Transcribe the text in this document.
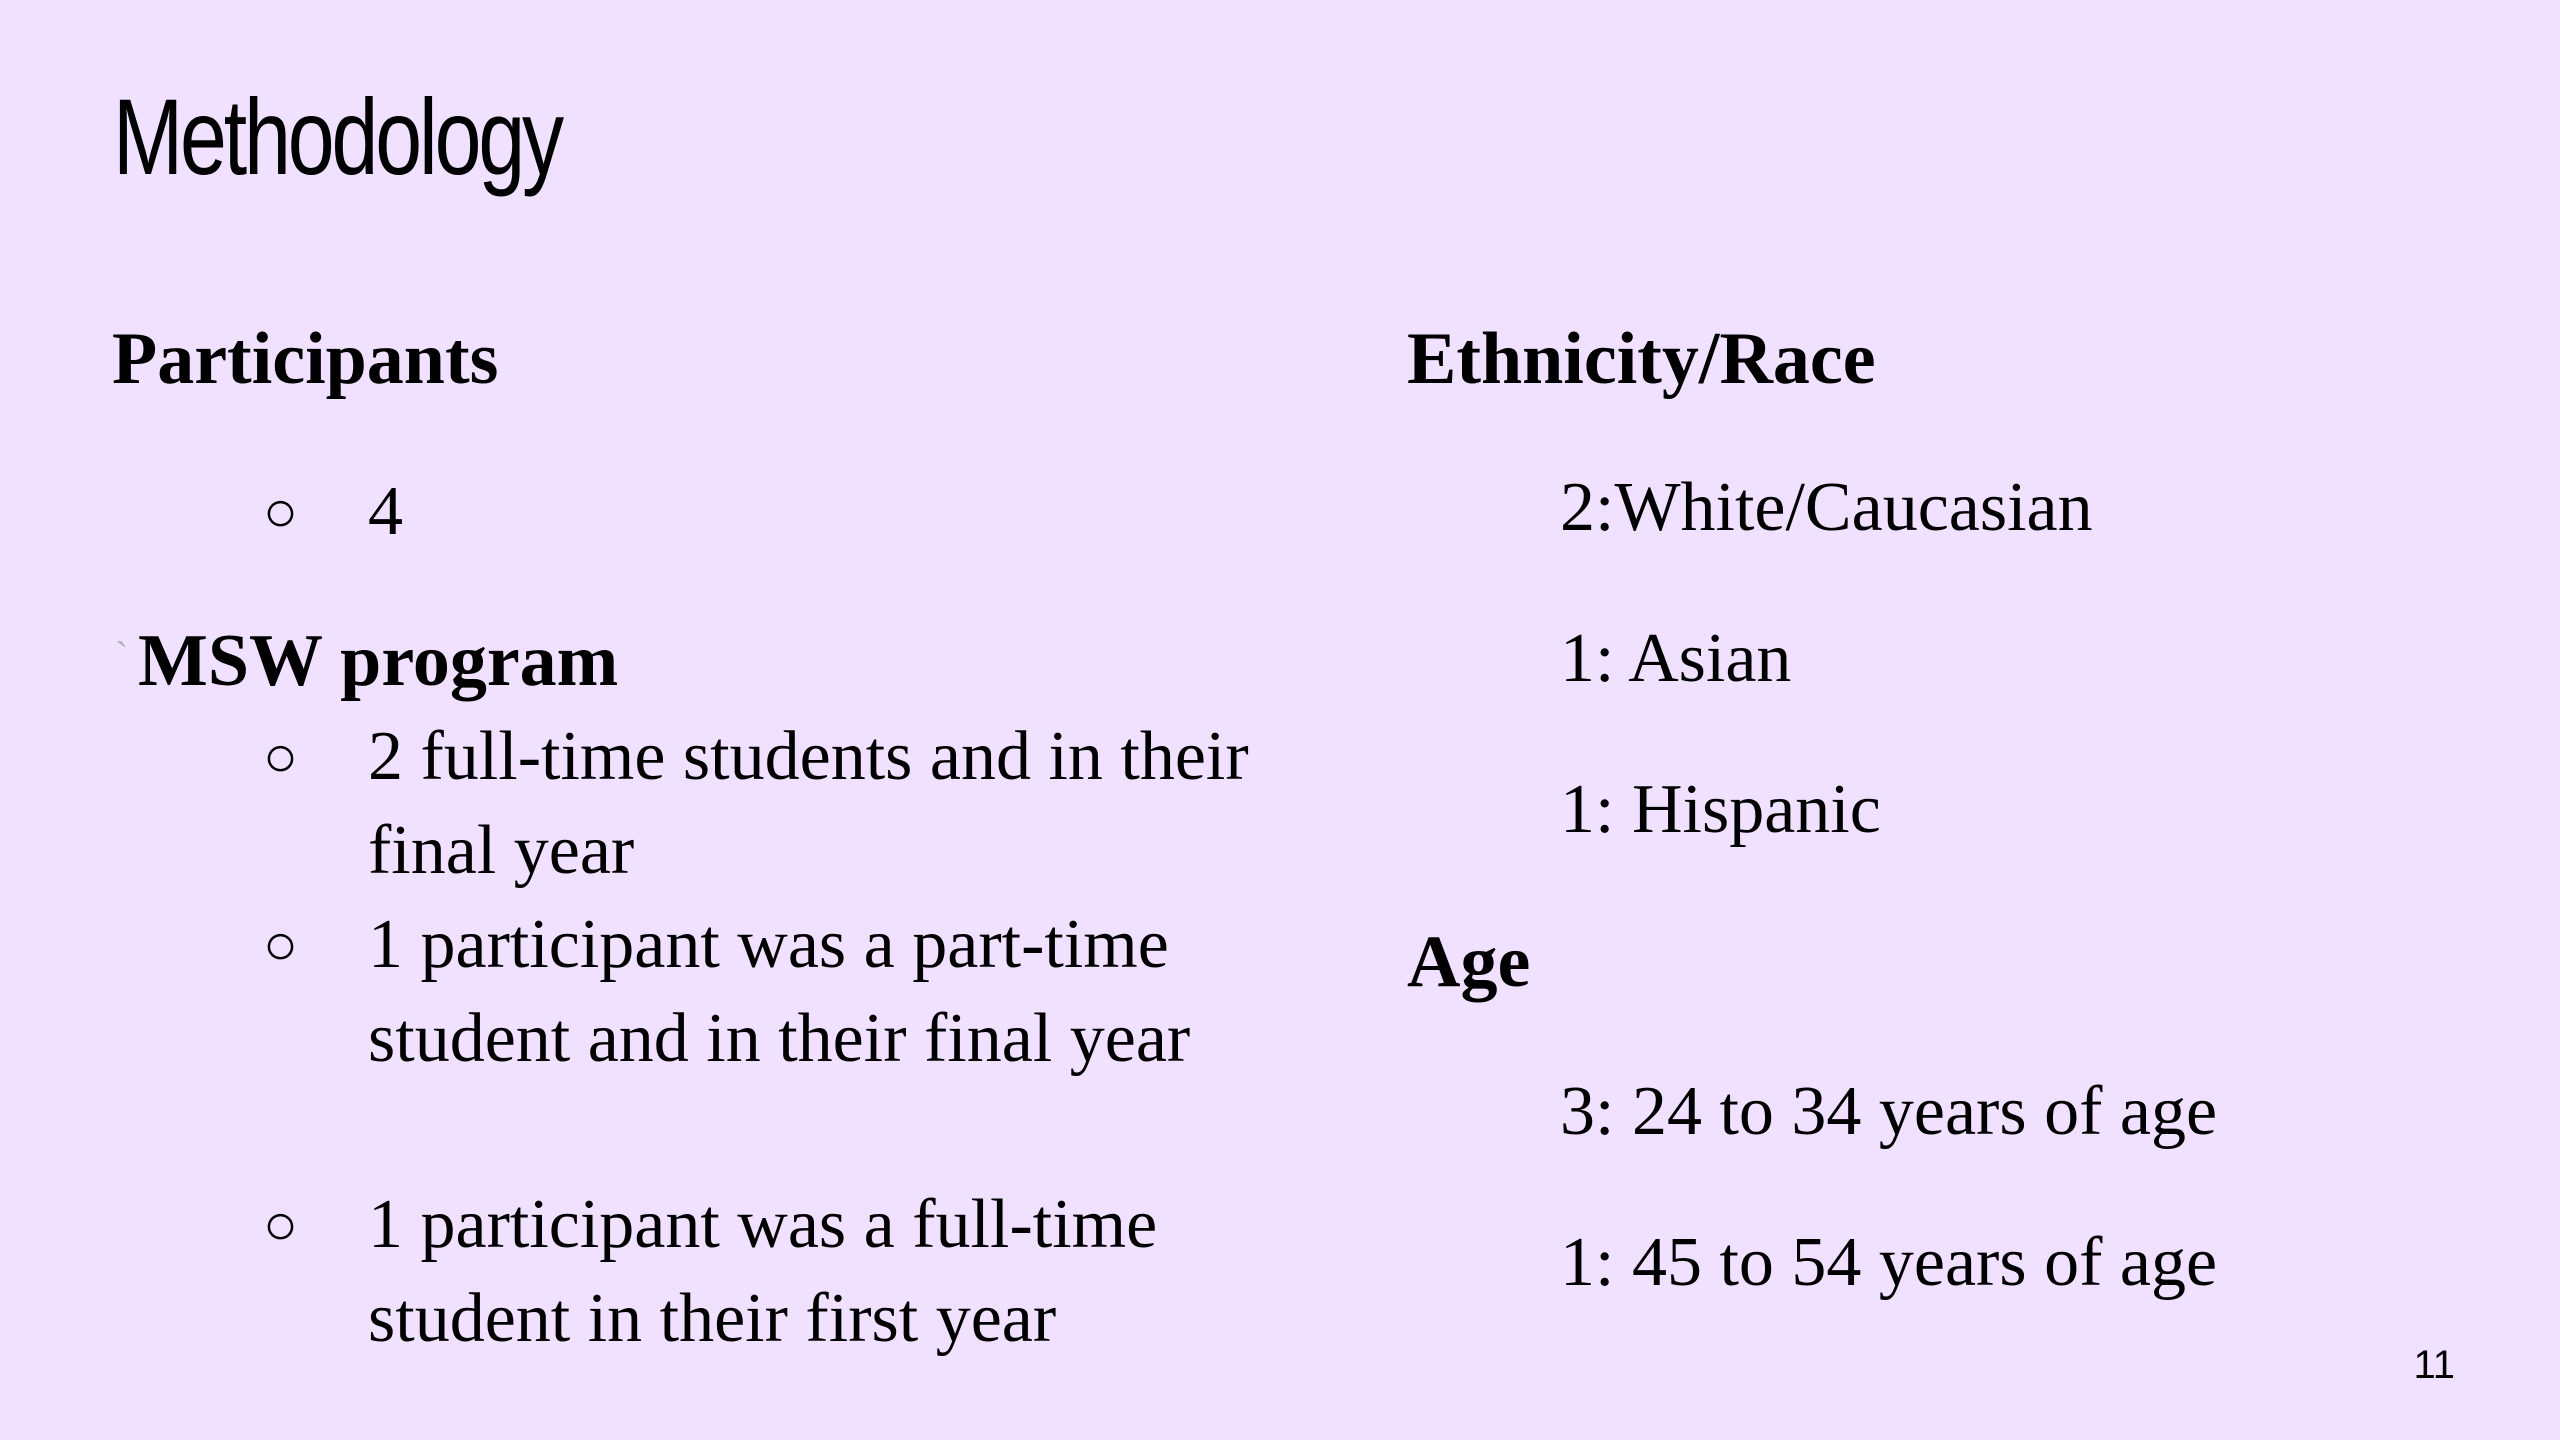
Methodology
Participants
○ 4
` MSW program
○ 2 full-time students and in their final year
○ 1 participant was a part-time student and in their final year
○ 1 participant was a full-time student in their first year
Ethnicity/Race
2:White/Caucasian
1: Asian
1: Hispanic
Age
3: 24 to 34 years of age
1: 45 to 54 years of age
11
